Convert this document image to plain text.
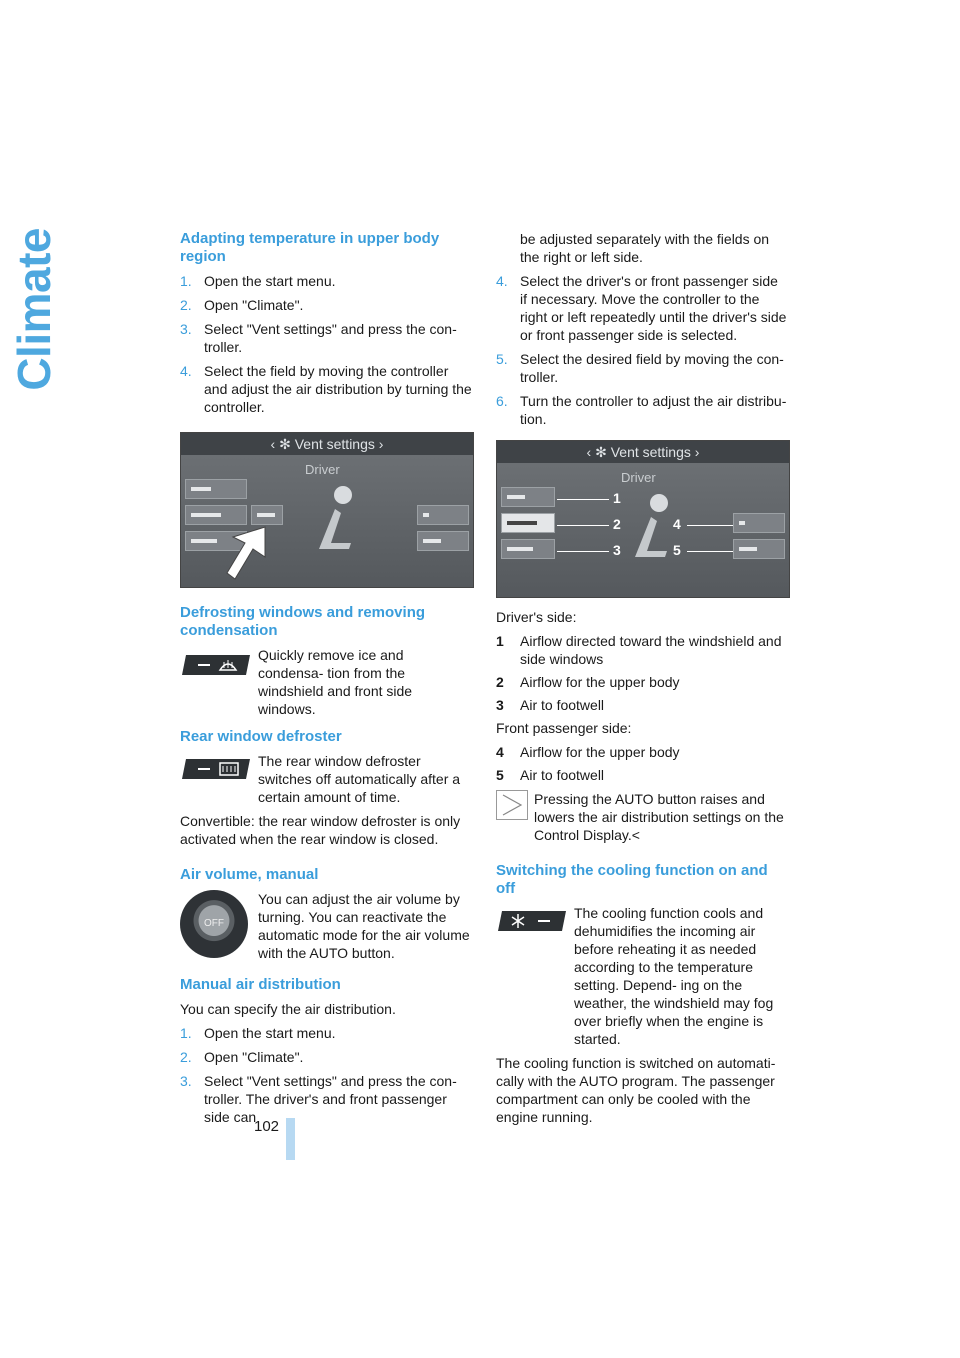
Climate	Adapting temperature in upper body region
1. Open the start menu.
2. Open "Climate".
3. Select "Vent settings" and press the con- troller.
4. Select the field by moving the controller and adjust the air distribution by turning the controller.
‹ ✻ Vent settings ›
Driver
Defrosting windows and removing condensation

Quickly remove ice and condensa- tion from the windshield and front side windows.

Rear window defroster

The rear window defroster switches off automatically after a certain amount of time.

Convertible: the rear window defroster is only activated when the rear window is closed.

Air volume, manual
OFF

You can adjust the air volume by turning. You can reactivate the automatic mode for the air volume with the AUTO button.

Manual air distribution

You can specify the air distribution.

1. Open the start menu.
2. Open "Climate".
3. Select "Vent settings" and press the con- troller. The driver's and front passenger side can

be adjusted separately with the fields on the right or left side.

4. Select the driver's or front passenger side if necessary. Move the controller to the right or left repeatedly until the driver's side or front passenger side is selected.
5. Select the desired field by moving the con- troller.
6. Turn the controller to adjust the air distribu- tion.
‹ ✻ Vent settings ›
Driver
1
2
3
4
5

Driver's side:

1 Airflow directed toward the windshield and side windows
2 Airflow for the upper body
3 Air to footwell

Front passenger side:

4 Airflow for the upper body
5 Air to footwell

Pressing the AUTO button raises and lowers the air distribution settings on the Control Display.<

Switching the cooling function on and off

The cooling function cools and dehumidifies the incoming air before reheating it as needed according to the temperature setting. Depend- ing on the weather, the windshield may fog over briefly when the engine is started.

The cooling function is switched on automati- cally with the AUTO program. The passenger compartment can only be cooled with the engine running.

102
